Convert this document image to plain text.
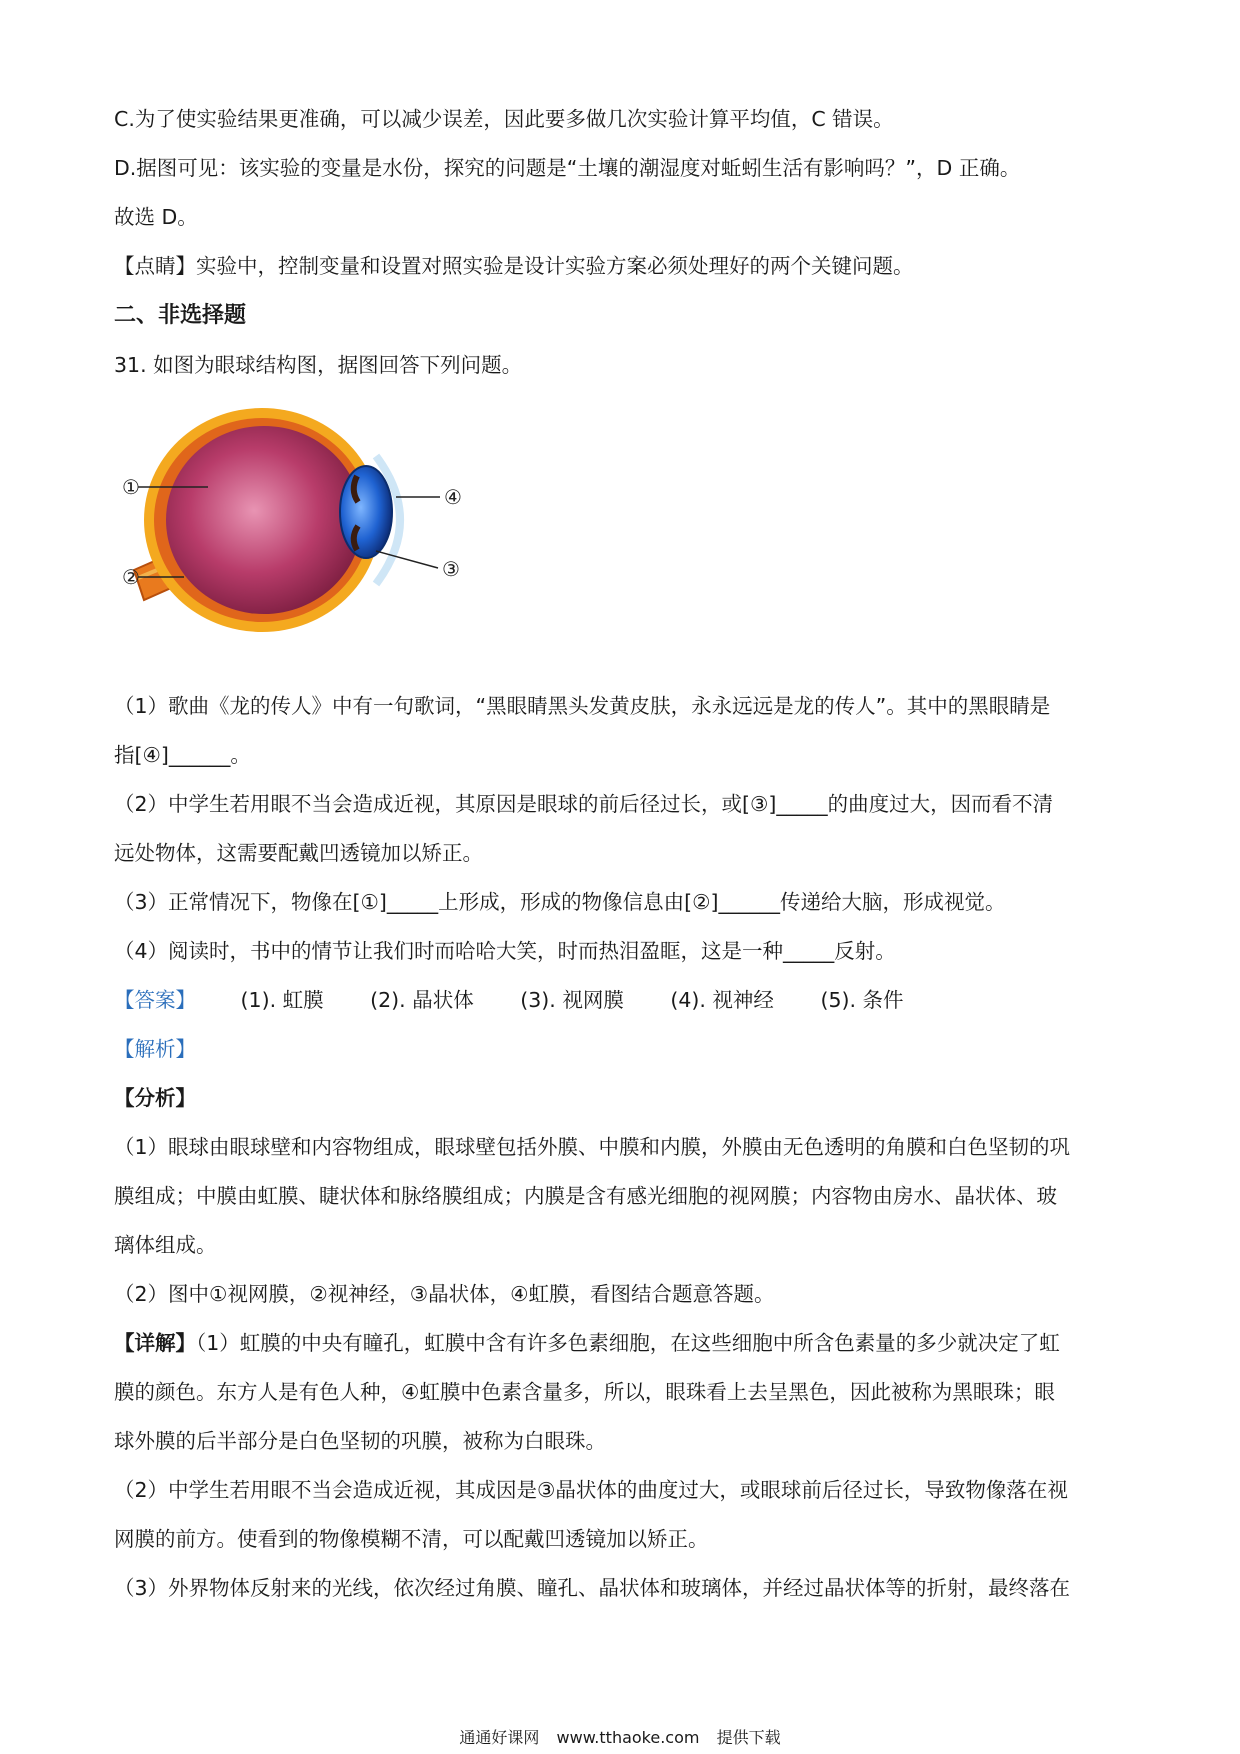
C.为了使实验结果更准确，可以减少误差，因此要多做几次实验计算平均值，C 错误。
D.据图可见：该实验的变量是水份，探究的问题是“土壤的潮湿度对蚯蚓生活有影响吗？”，D 正确。
故选 D。
【点睛】实验中，控制变量和设置对照实验是设计实验方案必须处理好的两个关键问题。
二、非选择题
31. 如图为眼球结构图，据图回答下列问题。
①
②	③
④
（1）歌曲《龙的传人》中有一句歌词，“黑眼睛黑头发黄皮肤，永永远远是龙的传人”。其中的黑眼睛是
指[④]______。
（2）中学生若用眼不当会造成近视，其原因是眼球的前后径过长，或[③]_____的曲度过大，因而看不清
远处物体，这需要配戴凹透镜加以矫正。
（3）正常情况下，物像在[①]_____上形成，形成的物像信息由[②]______传递给大脑，形成视觉。
（4）阅读时，书中的情节让我们时而哈哈大笑，时而热泪盈眶，这是一种_____反射。
【答案】 (1). 虹膜 (2). 晶状体 (3). 视网膜 (4). 视神经 (5). 条件
【解析】
【分析】
（1）眼球由眼球壁和内容物组成，眼球壁包括外膜、中膜和内膜，外膜由无色透明的角膜和白色坚韧的巩
膜组成；中膜由虹膜、睫状体和脉络膜组成；内膜是含有感光细胞的视网膜；内容物由房水、晶状体、玻
璃体组成。
（2）图中①视网膜，②视神经，③晶状体，④虹膜，看图结合题意答题。
【详解】（1）虹膜的中央有瞳孔，虹膜中含有许多色素细胞，在这些细胞中所含色素量的多少就决定了虹
膜的颜色。东方人是有色人种，④虹膜中色素含量多，所以，眼珠看上去呈黑色，因此被称为黑眼珠；眼
球外膜的后半部分是白色坚韧的巩膜，被称为白眼珠。
（2）中学生若用眼不当会造成近视，其成因是③晶状体的曲度过大，或眼球前后径过长，导致物像落在视
网膜的前方。使看到的物像模糊不清，可以配戴凹透镜加以矫正。
（3）外界物体反射来的光线，依次经过角膜、瞳孔、晶状体和玻璃体，并经过晶状体等的折射，最终落在
通通好课网 www.tthaoke.com 提供下载
